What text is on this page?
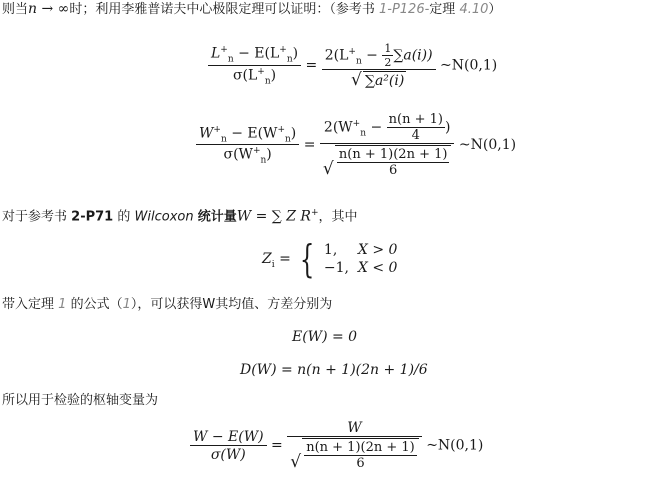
则当n → ∞时；利用李雅普诺夫中心极限定理可以证明：（参考书 1-P126-定理 4.10）
$\frac{L^+_n - E(L^+_n)}{\sigma(L^+_n)} = 2(L^+_n - \frac{1}{2} \sum a(i))$
√ ∑a²(i) ~N(0,1)
$\frac{W^+_n - E(W^+_n)}{\sigma(W^+_n)} = 2(W^+_n - \frac{n(n + 1)}{4}$ )
√ $\frac{n(n + 1)(2n + 1)}{6}$ ~N(0,1)
对于参考书 2-P71 的 Wilcoxon 统计量W = ∑ Z R+，其中
$Z_i$ = { 1, X > 0
−1, X < 0
带入定理 1 的公式（1），可以获得W其均值、方差分别为
E(W) = 0
D(W) = n(n + 1)(2n + 1)/6
所以用于检验的枢轴变量为
$\frac{W - E(W)}{\sigma(W)} = W$
√ $\frac{n(n + 1)(2n + 1)}{6}$ ~N(0,1)
